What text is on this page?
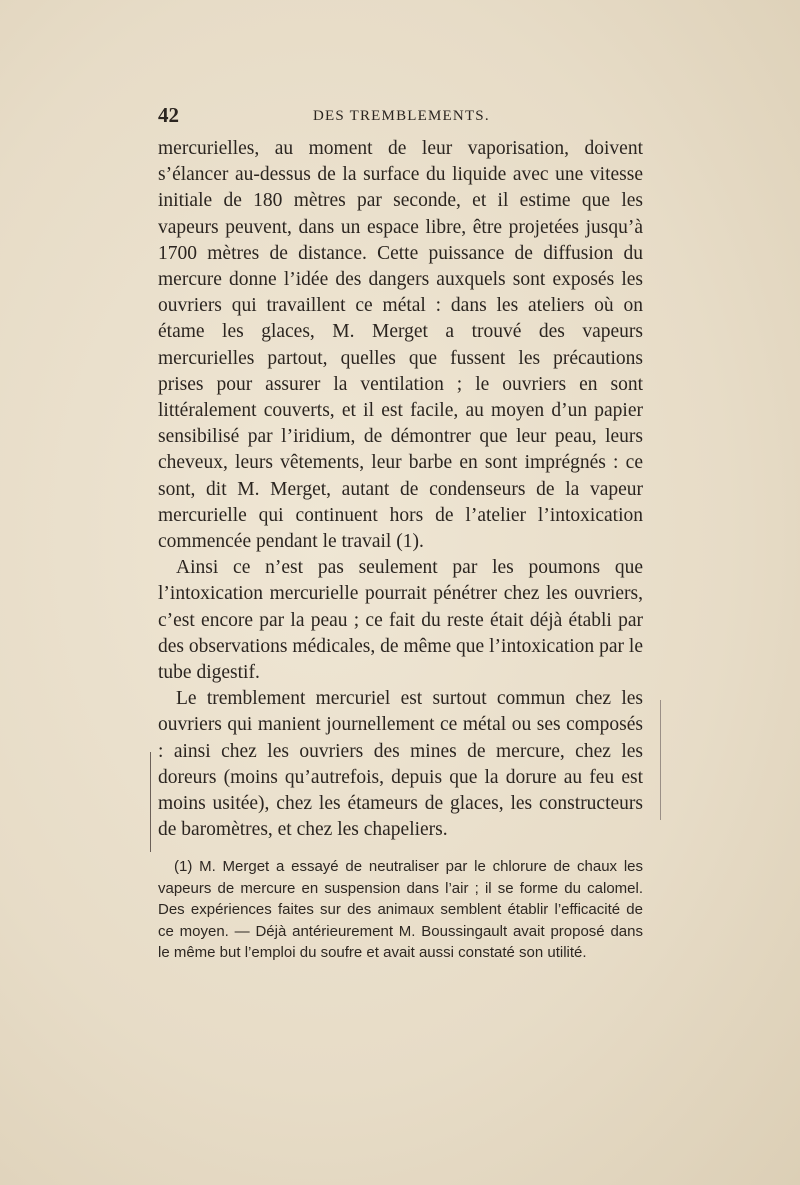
42	DES TREMBLEMENTS.

mercurielles, au moment de leur vaporisation, doivent s’élancer au-dessus de la surface du liquide avec une vitesse initiale de 180 mètres par seconde, et il estime que les vapeurs peuvent, dans un espace libre, être projetées jusqu’à 1700 mètres de distance. Cette puissance de diffusion du mercure donne l’idée des dangers auxquels sont exposés les ouvriers qui travaillent ce métal : dans les ateliers où on étame les glaces, M. Merget a trouvé des vapeurs mercurielles partout, quelles que fussent les précautions prises pour assurer la ventilation ; le ouvriers en sont littéralement couverts, et il est facile, au moyen d’un papier sensibilisé par l’iridium, de démontrer que leur peau, leurs cheveux, leurs vêtements, leur barbe en sont imprégnés : ce sont, dit M. Merget, autant de condenseurs de la vapeur mercurielle qui continuent hors de l’atelier l’intoxication commencée pendant le travail (1).

Ainsi ce n’est pas seulement par les poumons que l’intoxication mercurielle pourrait pénétrer chez les ouvriers, c’est encore par la peau ; ce fait du reste était déjà établi par des observations médicales, de même que l’intoxication par le tube digestif.

Le tremblement mercuriel est surtout commun chez les ouvriers qui manient journellement ce métal ou ses composés : ainsi chez les ouvriers des mines de mercure, chez les doreurs (moins qu’autrefois, depuis que la dorure au feu est moins usitée), chez les étameurs de glaces, les constructeurs de baromètres, et chez les chapeliers.

(1) M. Merget a essayé de neutraliser par le chlorure de chaux les vapeurs de mercure en suspension dans l’air ; il se forme du calomel. Des expériences faites sur des animaux semblent établir l’efficacité de ce moyen. — Déjà antérieurement M. Boussingault avait proposé dans le même but l’emploi du soufre et avait aussi constaté son utilité.
